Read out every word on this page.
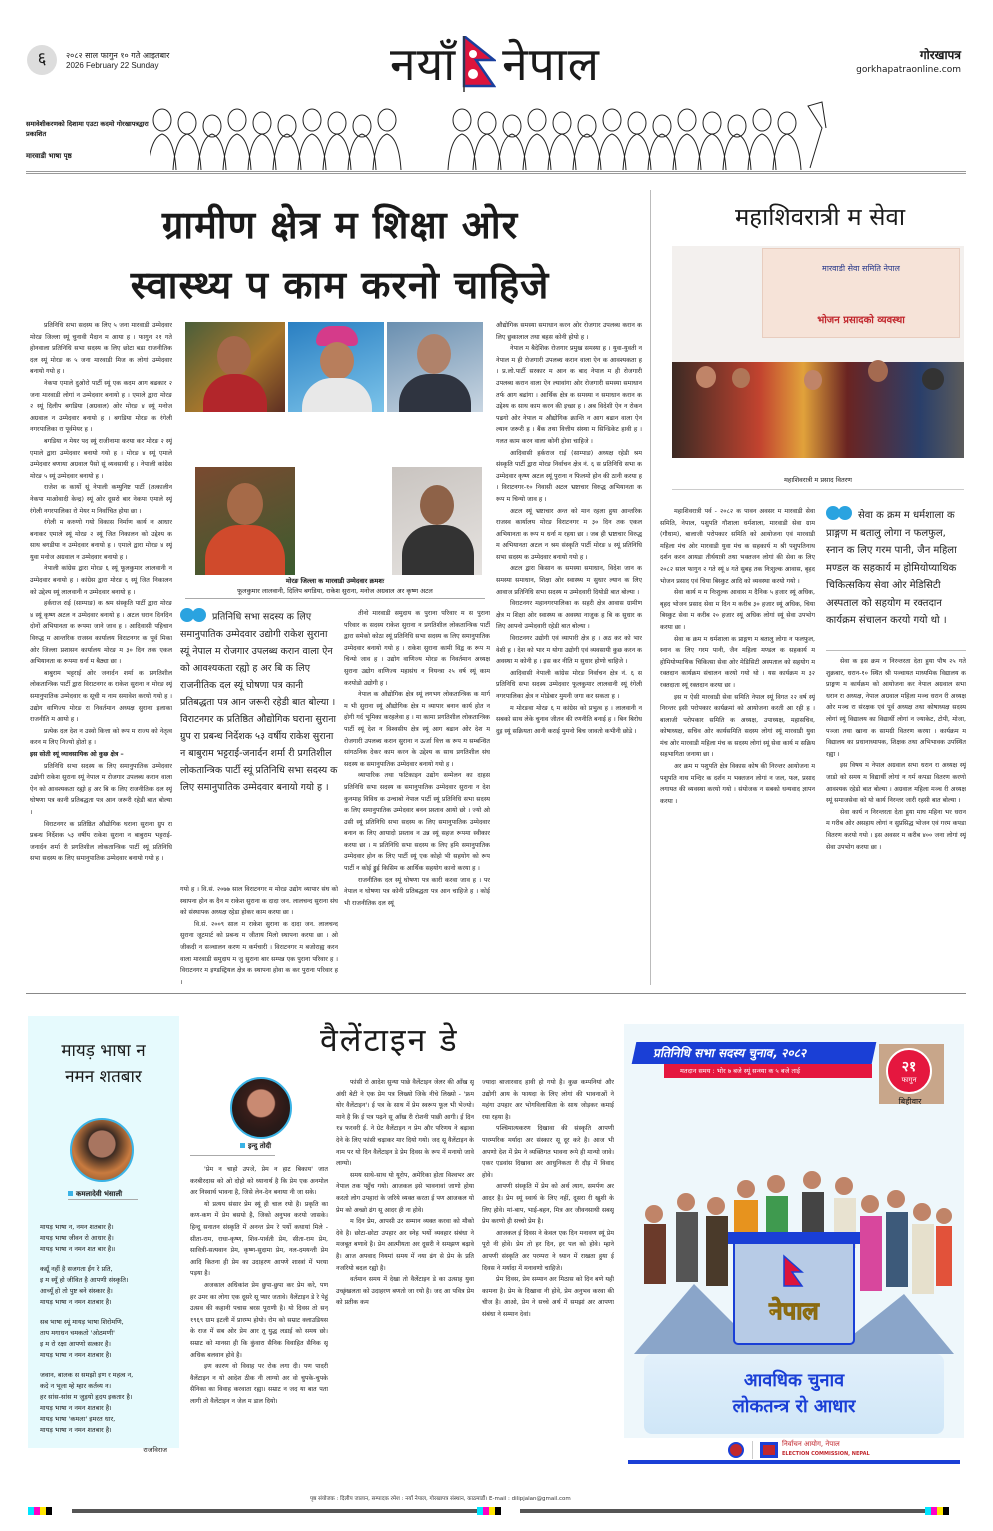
६	२०८२ साल फागुन १० गते आइतबार
2026 February 22 Sunday	नयाँ नेपाल	गोरखापत्र
gorkhapatraonline.com
समावेशीकरणको दिशामा एउटा कदम‌ो गोरखापत्रद्वारा प्रकाशित
मारवाडी भाषा पृष्ठ
ग्रामीण क्षेत्र म शिक्षा ओर
स्वास्थ्य प काम करनो चाहिजे

प्रतिनिधि सभा सदस्य क लिए ५ जना मारवाडी उम्मेदवार मोरङ जिल्ला स्यूं चुनावी मैदान म आया ह । फागुन २१ गते होनवाला प्रतिनिधि सभा सदस्य क लिए छोटा बडा राजनीतिक दल स्यूं मोरङ क ५ जना मारवाडी मिज क लोगां उम्मेदवार बनायो गयो ह ।

नेकपा एमाले दुओरो पार्टी स्यूं एक कदम आग बढकार २ जना मारवाडी लोगां न उम्मेदवार बनायो ह । एमाले द्वारा मोरङ २ स्यूं दिलीप बगडिया (अग्रवाल) ओर मोरङ ४ स्यूं मनोज अग्रवाल न उम्मेदवार बनायो ह । बगडिया मोरङ क रंगेली नगरपालिका रा पूर्वमेयर ह ।

बगडिया न मेयर पद स्यूं राजीनामा करया कर मोरङ २ स्यूं एमाले द्वारा उम्मेदवार बनायो गयो ह । मोरङ ४ स्यूं एमाले उम्मेदवार बणाया अग्रवाल पैसो सूं व्यवसायी ह । नेपाली कांग्रेस मोरङ ५ स्यूं उम्मेदवार बनायो ह ।

राजेश क कार्यो सूं नेपाली कम्युनिष्ट पार्टी (तत्कालीन नेकपा माओवादी केन्द्र) स्यूं ओर दूसरो बार नेकपा एमाले स्यूं रंगेली नगरपालिका रो मेयर म निर्वाचित होया छा ।

रंगेली म करुणो गयो विकास निर्माण कार्य न आधार बनाकर एमाले स्यूं मोरङ २ स्यूं जित निकालन को उद्देश्य क साथ बगडीया न उम्मेदवार बनायो ह । एमाले द्वारा मोरङ ४ स्यूं युवा मनोज अग्रवाल न उम्मेदवार बनायो ह ।

नेपाली कांग्रेस द्वारा मोरङ ६ स्यूं फूलकुमार लालवानी न उम्मेदवार बनायो ह । कांग्रेस द्वारा मोरङ ६ स्यूं जित निकालन को उद्देश्य स्यूं लालवानी न उम्मेदवार बनायो ह ।

हर्कराज राई (साम्पाङ) क श्रम संस्कृति पार्टी द्वारा मोरङ ४ स्यूं कृष्ण अटल न उम्मेदवार बनायो ह । अटल धरान दिनदिन दोनों अभियानता क रूपमा जाने जाव ह । आदिवासी पहिचान विरुद्ध म आन्तरिक राजस्व कार्यालय विराटनगर क पूर्व मिका ओर जिल्ला प्रशासन कार्यालय मोरङ म ३० दिन तक एकल अभियानता क रूपमा धर्ना म बैठ्या छा ।

बाबुराम भट्टराई ओर जनार्दन शर्मा क प्रगतिशील लोकतान्त्रिक पार्टी द्वारा विराटनगर क राकेश सुराना न मोरङ स्यूं समानुपातिक उम्मेदवार क सूची म नाम समावेश करयो गयो ह । उद्योग वाणिज्य मोरङ रा निवर्तमान अध्यक्ष सुराना इलाका राजनीति म आयो ह ।

प्रत्येक दल देश न उस्वो कित्ता को रूप म राज्य को नेतृत्व करन म लिए निज्यो होतो ह ।

इस सोती स्यूं व्यावसायिक ओ कुछ क्षेत्र –

प्रतिनिधि सभा सदस्य क लिए समानुपातिक उम्मेदवार उद्योगी राकेश सुराना स्यूं नेपाल म रोजगार उपलब्ध करान वाला ऐन को आवश्यकता रह्यो ह अर बि क लिए राजनीतिक दल स्यूं घोषणा पत्र कानी प्रतिबद्धता पत्र आन जरूरी रहेडी बात बोल्या ।

विराटनगर क प्रतिष्ठित औद्योगिक घराना सुराना ग्रुप रा प्रबन्ध निर्देशक ५३ वर्षीय राकेश सुराना न बाबुराम भट्टराई-जनार्दन शर्मा री प्रगतिशील लोकतान्त्रिक पार्टी स्यूं प्रतिनिधि सभा सदस्य क लिए समानुपातिक उम्मेदवार बनायो गयो ह ।

मोरङ जिल्ला क मारवाडी उम्मेदवार क्रमशः
फूलकुमार लालवानी, दिलिप बगडिया, राकेश सुराना, मनोज अग्रवाल अर कृष्ण अटल
प्रतिनिधि सभा सदस्य क लिए समानुपातिक उम्मेदवार उद्योगी राकेश सुराना स्यूं नेपाल म रोजगार उपलब्ध करान वाला ऐन को आवश्यकता रह्यो ह अर बि क लिए राजनीतिक दल स्यूं घोषणा पत्र कानी प्रतिबद्धता पत्र आन जरूरी रहेडी बात बोल्या । विराटनगर क प्रतिष्ठित औद्योगिक घराना सुराना ग्रुप रा प्रबन्ध निर्देशक ५३ वर्षीय राकेश सुराना न बाबुराम भट्टराई-जनार्दन शर्मा री प्रगतिशील लोकतान्त्रिक पार्टी स्यूं प्रतिनिधि सभा सदस्य क लिए समानुपातिक उम्मेदवार बनायो गयो ह ।

गयो ह । वि.सं. २०७७ साल विराटनगर म मोरङ उद्योग व्यापार संघ को स्थापना होन क दैन म राकेश सुराना क दादा जन. लालचन्द सुराना संघ को संस्थापक अध्यक्ष रहेडा होकर काम करया छा ।

वि.सं. २००९ साल म राकेश सुराना क दादा जन. लालचन्द सुराना जूटमार्ट को प्रबन्ध म जीताय मिलो स्थापना करया छा । ओ जीकदी न सञ्चालन करण म कर्मचारी । विराटनगर म बजोराह्य करन वाला मारवाडी समुदाय म जु सुराना बार सम्पन्न एक पुराना परिवार ह । विराटनगर म इण्डस्ट्रियल क्षेत्र क स्थापना होवा क कर पुराना परिवार ह ।

तीनो मारवाडी समुदाय क पुराना परिवार म स पुराना परिवार क सदस्य राकेश सुराना न प्रगतिशील लोकतान्त्रिक पार्टी द्वारा समेको कोठा स्यूं प्रतिनिधि सभा सदस्य क लिए समानुपातिक उम्मेदवार बनायो गयो ह । राकेश सुराना कामी विद्व क रूप म चिन्यो जाव ह । उद्योग वाणिज्य मोरङ क निवर्तमान अध्यक्ष सुराना उद्योग वाणिज्य महासंघ न नियन्त्रा २५ वर्ष स्यूं काम करयोडो उद्योगी ह ।

नेपाल क औद्योगिक क्षेत्र स्यूं लगभग लोकतान्त्रिक क मार्ग म भी सुराना स्यूं औद्योगिक क्षेत्र म व्यापार बनान कार्य होत न होगी गर्द भूमिका करहलेवा ह । मा कामा प्रगतिशील लोकतान्त्रिक पार्टी स्यूं देश न विश्वसीय क्षेत्र स्यूं आग बढान ओर देश म रोजगारी उपलब्ध करान सुराना न ऊर्जा वित्त क रूप म सम्बन्धित सांगठनिक देकर काम करन के उद्देश्य क साथ प्रगतिशील संघ सदस्य क समानुपातिक उम्मेदवार बनायो गयो ह ।

व्यापारिक तथा फटिकाइन उद्योग सम्मेलन का दाहस प्रतिनिधि सभा सदस्य क समानुपातिक उम्मेदवार सुराना न देश कुनमाह विविध क उन्चाबो नेपाल पार्टी स्यूं प्रतिनिधि सभा सदस्य क लिए समानुपातिक उम्मेदवार बनन प्रस्ताव आयो छो । ज्यो ओ उसी स्यूं प्रतिनिधि सभा सदस्य क लिए समानुपातिक उम्मेदवार बनान क लिए आयादो प्रस्ताव न उन्न स्यूं सहज रूपमा स्वीकार करया छा । म प्रतिनिधि सभा सदस्य क लिए हमि समानुपातिक उम्मेदवार होन क लिए पार्टी स्यूं एक कोहो भी सहयोग को रूप पार्टी न कोई ड्डुई किसिम क आर्थिक सहयोग कानो करया ह ।

राजनीतिक दल स्यूं घोषणा पत्र कारी करवा जाव ह । पर नेपाल न घोषणा पत्र कोनी प्रतिबद्धता पत्र आन चाहिजे ह । कोई भी राजनीतिक दल स्यूं

औद्योगिक समस्या समाधान करन ओर रोजगार उपलब्ध करान क लिए छुकालाल तथा बहस कोनी होयो ह ।

नेपाल म बैदेशिक रोजगार प्रमुख समस्या ह । युवा-युवती न नेपाल म ही रोजगारी उपलब्ध करान वाला ऐन क आवश्यकता ह । प्र.लो.पार्टी सरकार म आन क बाद नेपाल म ही रोजगारी उपलब्ध करान वाला ऐन ल्यावांगा ओर रोजगारी समस्या समाधान तर्फ आग बढांगा । आर्थिक क्षेत्र क समस्या न समाधान करान क उद्देश्य क साथ काम करन की इच्छा ह । अब विदेशी ऐन न रोकन पढगो ओर नेपाल म औद्योगिक क्रान्ति न आग बढान वाला ऐन ल्यान जरूरी ह । बैंक तथा वित्तीय संस्था म सिन्डिकेट हावी ह । गलत काम करन वाला कोनी होवा चाहिजे ।

आदिवासी हर्कराज राई (साम्पाङ) अध्यक्ष रहेडी श्रम संस्कृति पार्टी द्वारा मोरङ निर्वाचन क्षेत्र नं. ६ स प्रतिनिधि सभा क उम्मेदवार कृष्ण अटल स्यूं पुराना न फिलमो होन की ठानी करया ह । विराटनगर-१० निवासी अटल भ्रष्टाचार विरुद्ध अभियानता क रूप म चिन्यो जाव ह ।

अटल स्यूं भ्रष्टाचार अन्त को मान रहला हुया आन्तरिक राजस्व कार्यालय मोरङ विराटनगर म ३० दिन तक एकल अभियानता क रूप म धर्ना म रहया छा । जब ही भ्रष्टाचार विरुद्ध म अभियानता अटल न श्रम संस्कृति पार्टी मोरङ ४ स्यूं प्रतिनिधि सभा सदस्य क उम्मेदवार बनायो गयो ह ।

अटल द्वारा किसान क समस्या समाधान, विदेश जान क समस्या समाधान, शिक्षा ओर स्वास्थ्य म सुधार ल्यान क लिए आवाज प्रतिनिधि सभा सदस्य म उम्मेदवारी दियोडी बात बोल्या ।

विराटनगर महानगरपालिका क सहरी क्षेत्र आवास ग्रामीण क्षेत्र म शिक्षा ओर स्वास्थ्य क अवस्था नाजुक ह बि क सुधार क लिए आपनो उम्मेदवारी रहेडी बात बोल्या ।

विराटनगर उद्योगी एवं व्यापारी क्षेत्र ह । अठ कर को भार वेशी ह । देश को भार म योगा उद्योगी एवं व्यवसायी कुछ करन क अवस्था म कोनी ह । इस कर नीति म सुधार होणो चाहिजे ।

आदिवासी नेपाली कांग्रेस मोरङ निर्वाचन क्षेत्र नं. ६ स प्रतिनिधि सभा सदस्य उम्मेदवार फूलकुमार लालवानी स्यूं रंगेली नगरपालिका क्षेत्र न मोडेबार मुमनी जगा कर सकता ह ।

म मोरङवा मोरङ ६ म कांग्रेस को प्रभुत्व ह । लालवानी न सबको साथ लेके चुनाव जीतन की रणनीति बनाई ह । बिन बिरोध दुइ स्यूं सक्रियता आनी कराई मुमनो बिच जावतो कभीनी छोडे ।

महाशिवरात्री म सेवा
मारवाडी सेवा समिति नेपाल
भोजन प्रसादको व्यवस्था
महाशिवरात्री म प्रसाद वितरण

महाशिवरात्री पर्व - २०८२ क पावन अवसर म मारवाडी सेवा समिति, नेपाल, पशुपति गौशाला धर्मशाला, मारवाडी सेवा ग्राम (गौधाम), बालाजी परोपकार समिति को आयोजना एवं मारवाडी महिला मंच ओर मारवाडी युवा मंच क सहकार्य म श्री पशुपतिनाथ दर्शन करन आयडा तीर्थयात्री तथा भक्तजन लोगां की सेवा क लिए २०८२ साल फागुन २ गते स्यूं ४ गते सुबह तक निःशुल्क आवास, बृहद भोजन प्रसाद एवं चिया बिस्कुट आदि को व्यवस्था करयो गयो ।

सेवा कार्य म म निःशुल्क आवास म दैनिक ५ हजार स्यूं अधिक, बृहद भोजन प्रसाद सेवा म दिन म करीब ३० हजार स्यूं अधिक, चिया बिस्कुट सेवा म करीब २० हजार स्यूं अधिक लोगां स्यूं सेवा उपभोग करया छा ।

सेवा क क्रम म धर्मशाला क प्राङ्गण म बतालु लोगा न फलफुल, स्नान क लिए गरम पानी, जैन महिला मण्डल क सहकार्य म होमियोप्याथिक चिकित्सा सेवा ओर मेडिसिटी अस्पताल को सहयोग म रक्तदान कार्यक्रम संचालन करयो गयो थो । यस कार्यक्रम म ३२ रक्तदाता स्यूं रक्तदान करया छा ।

इस म ऐसी मारवाडी सेवा समिति नेपाल स्यूं विगत २२ वर्ष स्यूं निरन्तर इसी परोपकार कार्यक्रमां को आयोजना करती आ रही ह । बालाजी परोपकार समिति क अध्यक्ष, उपाध्यक्ष, महासचिव, कोषाध्यक्ष, सचिव ओर कार्यसमिति सदस्य लोगां स्यूं मारवाडी युवा मंच ओर मारवाडी महिला मंच क सदस्य लोगां स्यूं सेवा कार्य म सक्रिय सहभागिता जनाया छा ।

अर क्रम म पशुपति क्षेत्र विकास कोष की निरन्तर आयोजना म पशुपति नाथ मन्दिर क दर्शन म भक्तजन लोगां न जल, फल, प्रसाद लगायत की व्यवस्था करयो गयो । संयोजक न सबको धन्यवाद ज्ञापन करया ।

सेवा क क्रम म धर्मशाला क प्राङ्गण म बतालु लोगा न फलफुल, स्नान क लिए गरम पानी, जैन महिला मण्डल क सहकार्य म होमियोप्याथिक चिकित्सकिय सेवा ओर मेडिसिटी अस्पताल को सहयोग म रक्तदान कार्यक्रम संचालन करयो गयो थो ।

सेवा क इस क्रम न निरन्तरता देता हुया पौष २५ गते शुक्रबार, धरान-१० स्थित श्री पञ्चायत माध्यमिक विद्यालय क प्राङ्गण म कार्यक्रम को आयोजना कर नेपाल अग्रवाल सभा धरान रा अध्यक्ष, नेपाल अग्रवाल महिला मञ्च धरान री अध्यक्ष ओर मञ्च रा संरक्षक एवं पूर्व अध्यक्ष तथा कोषाध्यक्ष सदस्य लोगां स्यूं विद्यालय का विद्यार्थी लोगां न ज्याकेट, टोपी, मोजा, पञ्जा तथा खाना क सामग्री वितरण करया । कार्यक्रम म विद्यालय का प्रधानाध्यापक, शिक्षक तथा अभिभावक उपस्थित रह्या ।

इस विषय म नेपाल अग्रवाल सभा धरान रा अध्यक्ष स्यूं जाडो को समय म विद्यार्थी लोगां न गर्म कपडा वितरण करणो आवश्यक रहेडो बात बोल्या । अग्रवाल महिला मञ्च री अध्यक्ष स्यूं समाजसेवा को यो कार्य निरन्तर जारी रहसी बात बोल्या ।

सेवा कार्य न निरन्तरता देता हुया माघ महिना भर धरान म गरीब ओर असहाय लोगां न सुप्रसिद्ध भोजन एवं गरम कपडा वितरण करयो गयो । इस अवसर म करीब ४०० जना लोगां स्यूं सेवा उपभोग करया छा ।

मायड़ भाषा न
नमन शतबार
कमलादेवी भंसाली
मायड़ भाषा न, नमन शतबार है।
मायड़ भाषा जीवन रो आधार है।
मायड़ भाषा न नमन शत बार है॥
कद्यूँ नहीं है सजगता ईंग रे प्रति,
इ म स्यूँ हो जीवित है आपणी संस्कृति।
आच्यूँ हो तो पुष्ट बने संस्कार है।
मायड़ भाषा न नमन शतबार है।
सब भाषा स्यूं मायड़ भाषा शिरोमणि,
ताय मगाधन चमकतो 'ओठमणी'
इ म रो रक्षा आपणो सत्कार है।
मायड़ भाषा न नमन शतबार है।
जवान, बालक स समझो इण र महत्व न,
कदे न भूला म्हे म्हार कर्तव्य न।
हर सांस-सांस म जुड़यो हृदय इकतार है।
मायड़ भाषा न नमन शतबार है।
मायड़ भाषा 'कमला' इमरत धार,
मायड़ भाषा न नमन शतबार है।
राजविराज
वैलेंटाइन डे
इन्दु तोदी

'प्रेम न चाहो उपजे, प्रेम न हाट बिकाय' जात करबीरदास को ओ दोहो को ध्यानार्थ है कि प्रेम एक अनमोल अर निस्वार्थ भावना है, जिसे लेन-देन बनाया नी जा सके।

यो प्रत्यय संसार प्रेम स्यूं ही चाल रयो है। प्रकृति का कण-कण में प्रेम बसयो है, जिको अनुभव करयो जासके। हिन्दू सनातन संस्कृति में अनन्त प्रेम रे पर्यो कथायां मिले - सीता-राम, राधा-कृष्ण, शिव-पार्वती प्रेम, सीता-राम प्रेम, सावित्री-सत्यवान प्रेम, कृष्ण-सुदामा प्रेम, नल-दमयन्ती प्रेम आदि कितना ही प्रेम का उदाहरण आपणे शास्त्रां में भरया पड़या है।

अजकाल अधिकांश प्रेम छुपा-छुपा कर प्रेम करे, पण हर उमर का लोगा एक दूसरे सू प्यार जतावे। वैलेंटाइन डे रे पेहुं उत्सव की कहानी पचास बरस पूराणी है। यो दिवस तो सन् १९६९ ग्राम इटली में प्रारम्भ होयो। रोम को सम्राट क्लाउडियस के राज में सब ओर प्रेम आर तू युद्ध लडाई को समय छो। सम्राट को मानसा ही कि कुंवारा सैनिक विवाहित सैनिक सू अधिक बलवान होवे है।

इण कारण वो विवाह पर रोक लगा दी। पण पादरी वैलेंटाइन न यो आदेश ठीक नी लाग्यो अर वो चुपके-चुपके सैनिका का विवाह करवाता रह्या। सम्राट न जद या बात पता लागी तो वैलेंटाइन न जेल म डाल दियो।

फांसी रो आदेश सुन्या पाछे वैलेंटाइन जेलर की आँख सू अंधी बेटी ने एक प्रेम पत्र लिख्यो जिके नीचे लिख्यो - 'फ्रम योर वैलेंटाइन'। ई पत्र के साथ में प्रेम स्वरूप फूल भी भेज्यो। माने है कि ई पत्र पढ़ने सू आँख री रोशनी पाछी आगी। ई दिन १४ फरवरी ई. ने ग्रेट वैलेंटाइन न प्रेम और परिणय ने बढ़ावा देने के लिए फांसी चढ़ाकर मार दियो गयो। जद सू वैलेंटाइन के नाम पर यो दिन वैलेंटाइन डे प्रेम दिवस के रूप में मनायो जावे लाग्यो।

समय साथे-साथ यो यूरोप, अमेरिका होता विश्वभर अर नेपाल तक पहुँच गयो। आजकल इसे भावनावां जाणो होया करतो लोग उपहारां के जरिये व्यक्त करता ई पण आजकल यो प्रेम को अच्छो ढंग सू आदर ही ना होवे।

म दिन प्रेम, आपसी उर सम्मान व्यक्त करवा को मौको देवे है। छोटा-छोटा उपहार अर स्नेह भर्यो व्यवहार संबंधा ने मजबूत बणावे है। प्रेम आत्मीयता अर दूसरी ने समझण बढ़ावे है। आज अपवाद नियमां समय में नया ढंग से प्रेम के प्रति नजरियो बदल रह्यो है।

वर्तमान समय में देखा तो वैलेंटाइन डे का उत्साह युवा उच्छृंखलता को उदाहरण बणतो जा रयो है। जद आ पवित्र प्रेम को प्रतीक कम

ज्यादा बाजारवाद हावी हो गयो है। कुछ कम्पनियां और उद्योगी आय के फायदा के लिए लोगां की भावनाओं ने महंगा उपहार अर भोगविलासिता के साथ जोड़कर कमाई रया रहया है।

पश्चिमात्यकरण दिखावा की संस्कृति आपणी पारम्परिक मर्यादा अर संस्कार सू दूर करे है। आज भी अपणो देश में प्रेम ने व्यक्तिगत भावना रूपे ही मान्यो जावे। एकर एडवांस दिखावा अर आधुनिकता री दौड़ में विवाद होवे।

आपणी संस्कृति में प्रेम को अर्थ त्याग, समर्पण अर आदर है। प्रेम स्यूं स्वार्थ के लिए नहीं, दूसरा री खुशी के लिए होवे। मां-बाप, भाई-बहन, मित्र अर जीवनसाथी सबसू प्रेम करणो ही सच्चो प्रेम है।

आजकल ई दिवस ने केवल एक दिन मनावण स्यूं प्रेम पूरो नी होवे। प्रेम तो हर दिन, हर पल को होवे। म्हाने आपणी संस्कृति अर परम्परा ने ध्यान में राखता हुया ई दिवस ने मर्यादा में मनावणो चाहिजे।

प्रेम दिवस, प्रेम सम्मान अर मिठास को दिन बणे यही कामना है। प्रेम के दिखावा नी होवे, प्रेम अनुभव करवा की चीज है। आओ, प्रेम ने सच्चे अर्थ में समझां अर आपणा संबंधा ने सम्मान देवां।

प्रतिनिधि सभा सदस्य चुनाव, २०८२
मतदान समय : भोर ७ बजे स्यूं सन्ध्या क ५ बजे ताई	२१
फागुन
बिहीवार
नेपाल
आवधिक चुनाव
लोकतन्त्र रो आधार
निर्वाचन आयोग, नेपाल
ELECTION COMMISSION, NEPAL
पृष्ठ संयोजक : दिलीप जालान, सम्पादक रमेश : नयाँ नेपाल, गोरखापत्र संस्थान, काठमाडौं। E-mail : dilipjalan@gmail.com
